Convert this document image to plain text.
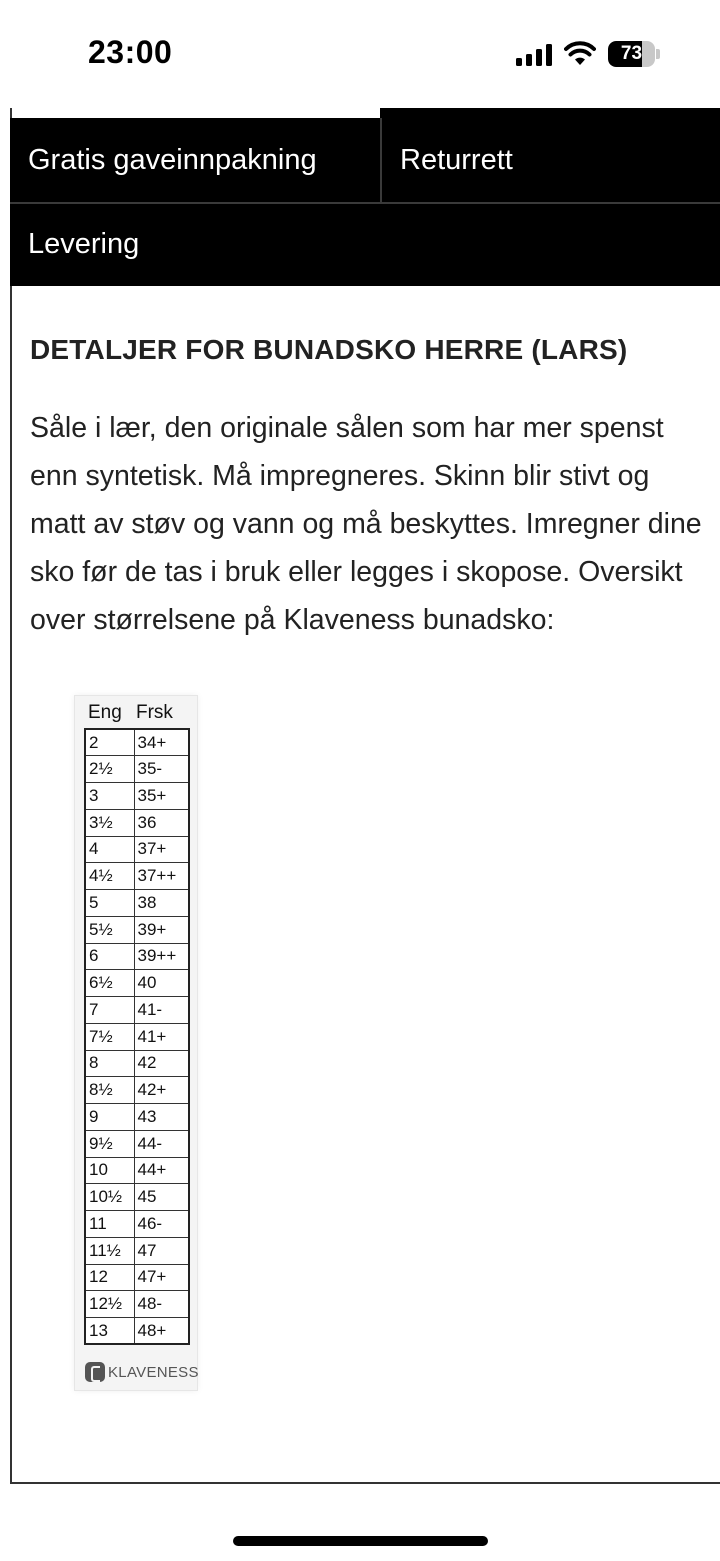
23:00	73
Gratis gaveinnpakning	Returrett
Levering
DETALJER FOR BUNADSKO HERRE (LARS)

Såle i lær, den originale sålen som har mer spenst

enn syntetisk. Må impregneres. Skinn blir stivt og

matt av støv og vann og må beskyttes. Imregner dine

sko før de tas i bruk eller legges i skopose. Oversikt

over størrelsene på Klaveness bunadsko:

Eng Frsk
2	34+
2½	35-
3	35+
3½	36
4	37+
4½	37++
5	38
5½	39+
6	39++
6½	40
7	41-
7½	41+
8	42
8½	42+
9	43
9½	44-
10	44+
10½	45
11	46-
11½	47
12	47+
12½	48-
13	48+
KLAVENESS
